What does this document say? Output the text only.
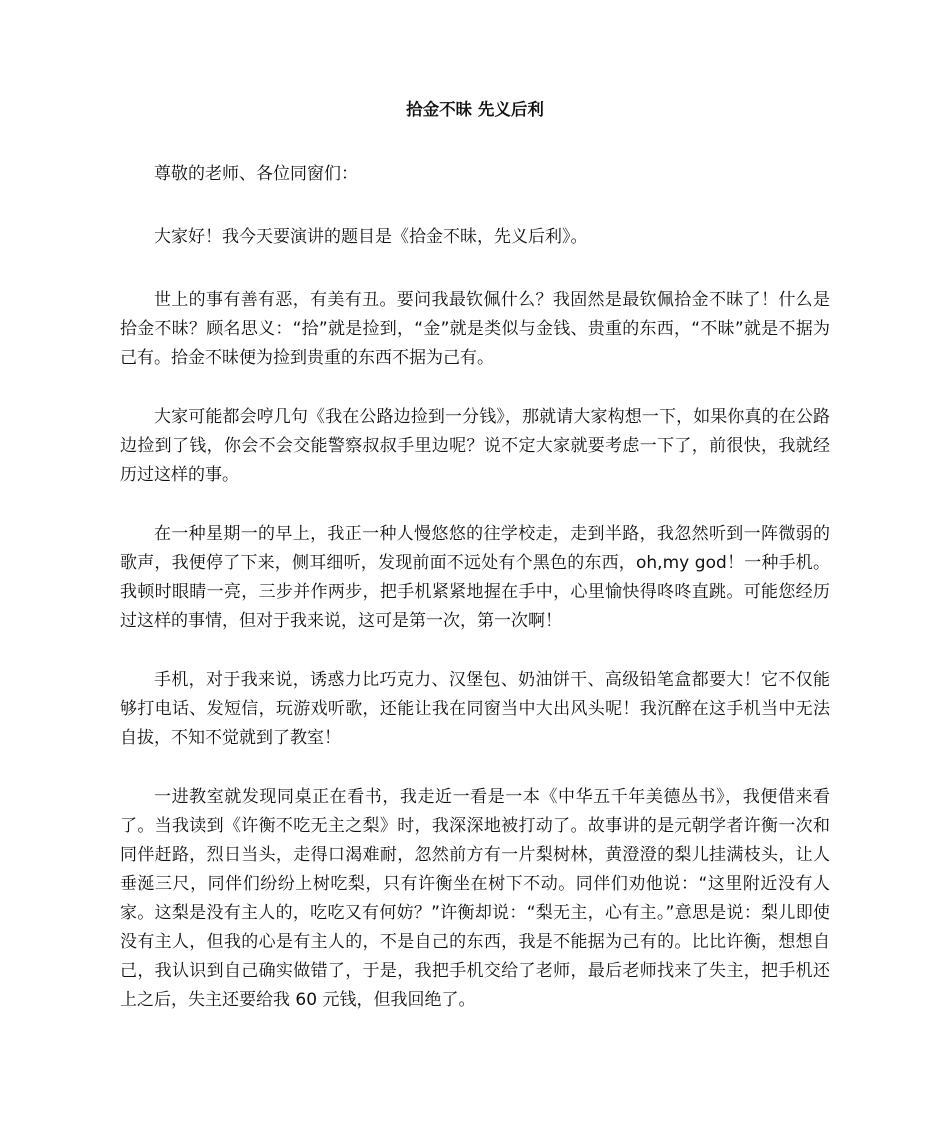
拾金不昧 先义后利

尊敬的老师、各位同窗们：

大家好！我今天要演讲的题目是《拾金不昧，先义后利》。

世上的事有善有恶，有美有丑。要问我最钦佩什么？我固然是最钦佩拾金不昧了！什么是拾金不昧？顾名思义：“拾”就是捡到，“金”就是类似与金钱、贵重的东西，“不昧”就是不据为己有。拾金不昧便为捡到贵重的东西不据为己有。

大家可能都会哼几句《我在公路边捡到一分钱》，那就请大家构想一下，如果你真的在公路边捡到了钱，你会不会交能警察叔叔手里边呢？说不定大家就要考虑一下了，前很快，我就经历过这样的事。

在一种星期一的早上，我正一种人慢悠悠的往学校走，走到半路，我忽然听到一阵微弱的歌声，我便停了下来，侧耳细听，发现前面不远处有个黑色的东西，oh,my god！一种手机。我顿时眼睛一亮，三步并作两步，把手机紧紧地握在手中，心里愉快得咚咚直跳。可能您经历过这样的事情，但对于我来说，这可是第一次，第一次啊！

手机，对于我来说，诱惑力比巧克力、汉堡包、奶油饼干、高级铅笔盒都要大！它不仅能够打电话、发短信，玩游戏听歌，还能让我在同窗当中大出风头呢！我沉醉在这手机当中无法自拔，不知不觉就到了教室！

一进教室就发现同桌正在看书，我走近一看是一本《中华五千年美德丛书》，我便借来看了。当我读到《许衡不吃无主之梨》时，我深深地被打动了。故事讲的是元朝学者许衡一次和同伴赶路，烈日当头，走得口渴难耐，忽然前方有一片梨树林，黄澄澄的梨儿挂满枝头，让人垂涎三尺，同伴们纷纷上树吃梨，只有许衡坐在树下不动。同伴们劝他说：“这里附近没有人家。这梨是没有主人的，吃吃又有何妨？”许衡却说：“梨无主，心有主。”意思是说：梨儿即使没有主人，但我的心是有主人的，不是自己的东西，我是不能据为己有的。比比许衡，想想自己，我认识到自己确实做错了，于是，我把手机交给了老师，最后老师找来了失主，把手机还上之后，失主还要给我 60 元钱，但我回绝了。
